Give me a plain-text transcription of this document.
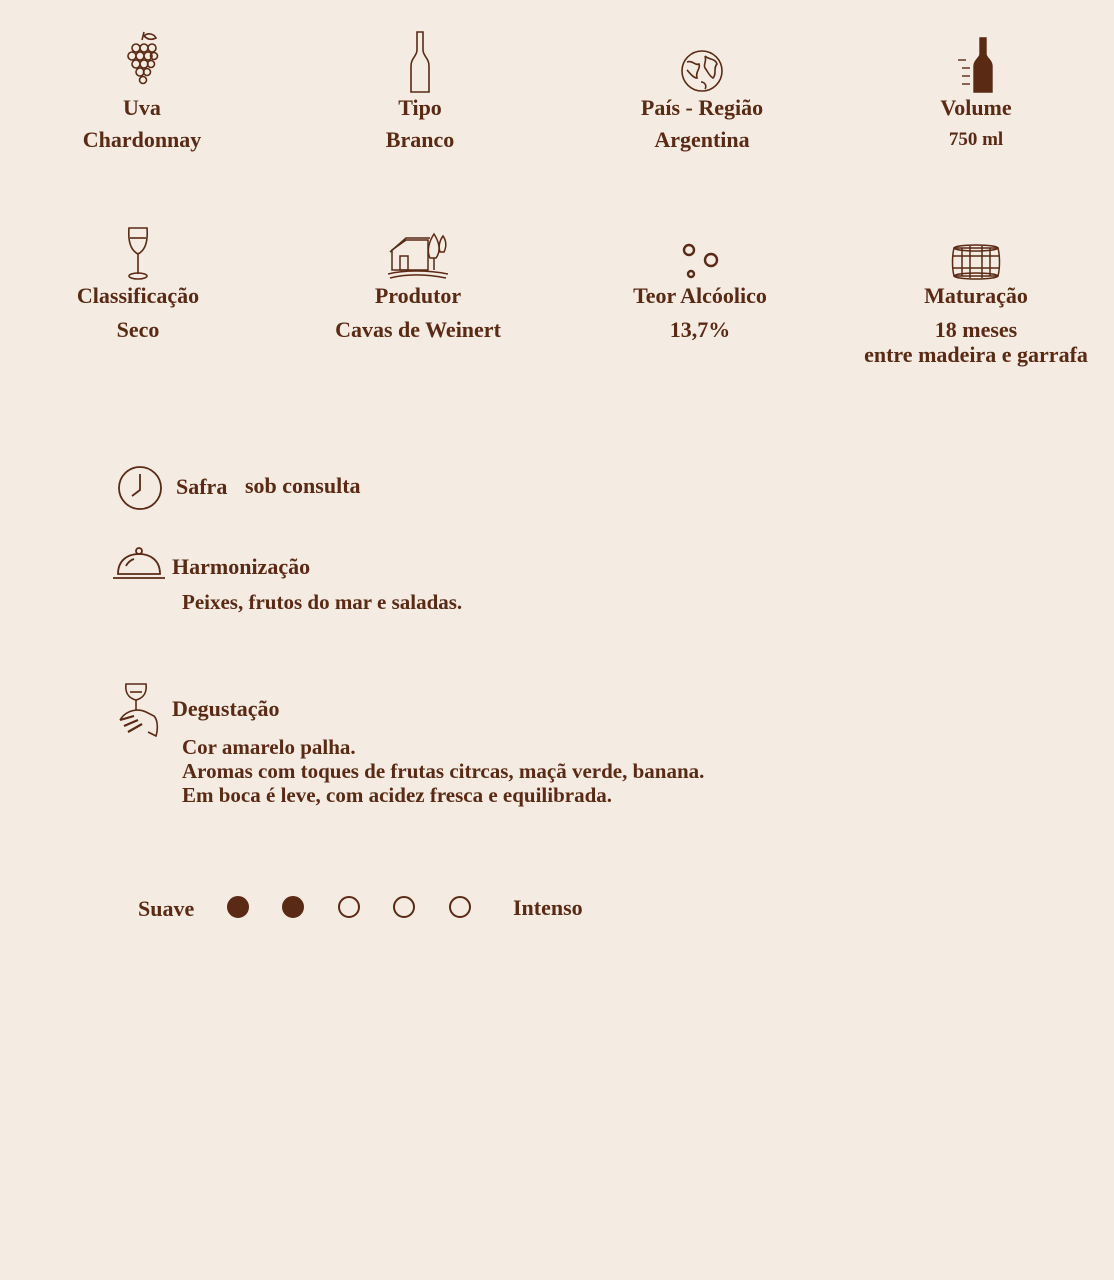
Uva
Chardonnay
Tipo
Branco
País - Região
Argentina
Volume
750 ml
Classificação
Seco
Produtor
Cavas de Weinert
Teor Alcóolico
13,7%
Maturação
18 meses
entre madeira e garrafa
Safra sob consulta
Harmonização
Peixes, frutos do mar e saladas.
Degustação
Cor amarelo palha.
Aromas com toques de frutas citrcas, maçã verde, banana.
Em boca é leve, com acidez fresca e equilibrada.
Suave	Intenso
